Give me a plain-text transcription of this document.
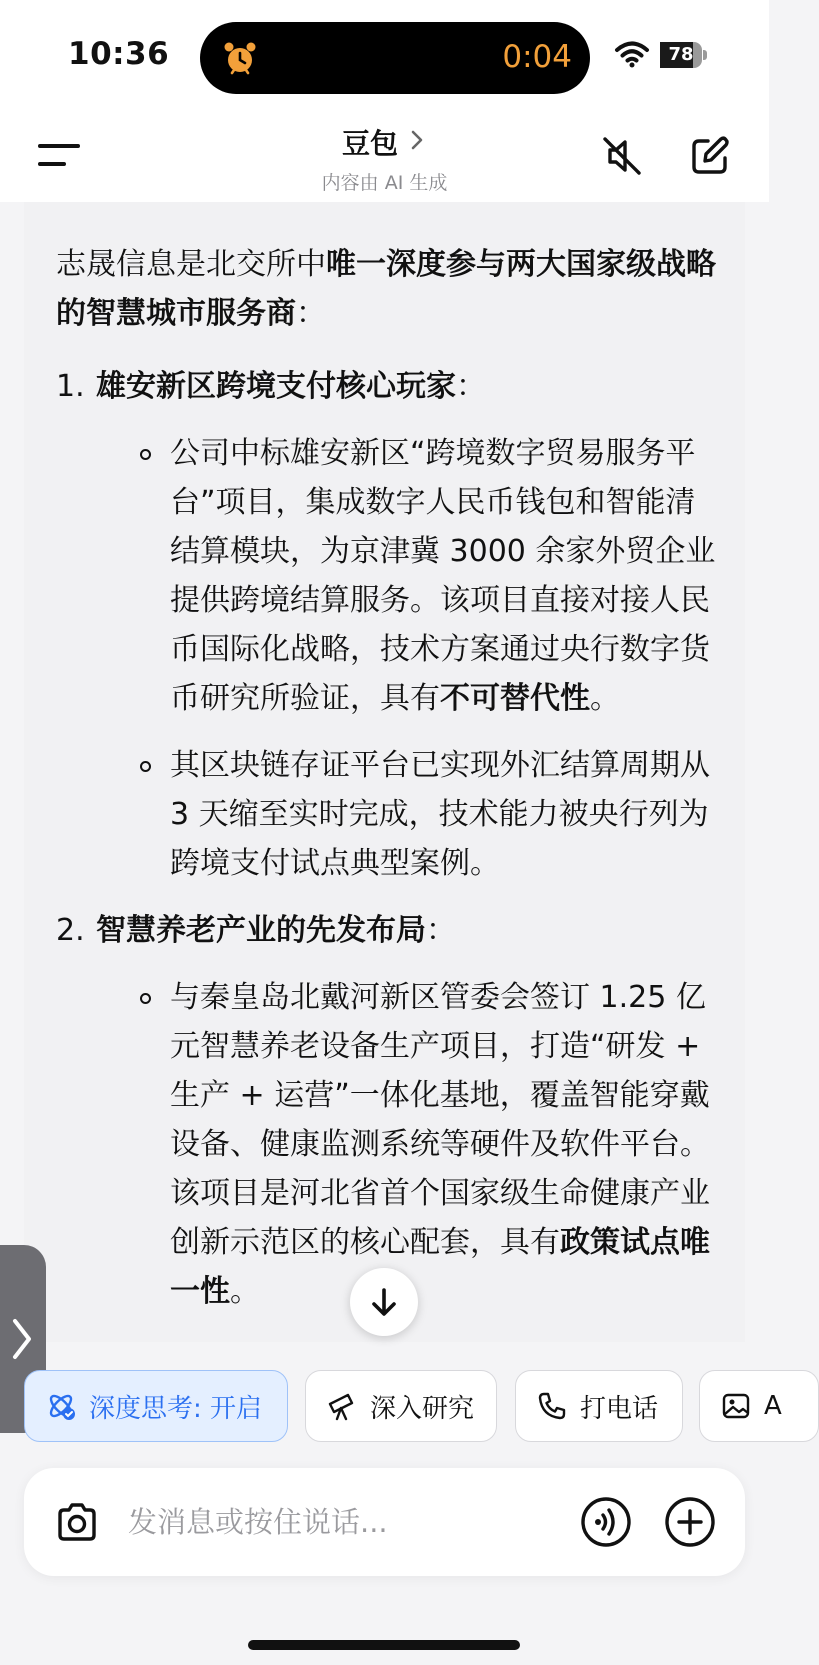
10:36	0:04	78
豆包
内容由 AI 生成
志晟信息是北交所中唯一深度参与两大国家级战略的智慧城市服务商：
1. 雄安新区跨境支付核心玩家：
公司中标雄安新区“跨境数字贸易服务平台”项目，集成数字人民币钱包和智能清结算模块，为京津冀 3000 余家外贸企业提供跨境结算服务。该项目直接对接人民币国际化战略，技术方案通过央行数字货币研究所验证，具有不可替代性。
其区块链存证平台已实现外汇结算周期从 3 天缩至实时完成，技术能力被央行列为跨境支付试点典型案例。
2. 智慧养老产业的先发布局：
与秦皇岛北戴河新区管委会签订 1.25 亿元智慧养老设备生产项目，打造“研发 + 生产 + 运营”一体化基地，覆盖智能穿戴设备、健康监测系统等硬件及软件平台。该项目是河北省首个国家级生命健康产业创新示范区的核心配套，具有政策试点唯一性。
深度思考: 开启	深入研究	打电话	A
发消息或按住说话...
